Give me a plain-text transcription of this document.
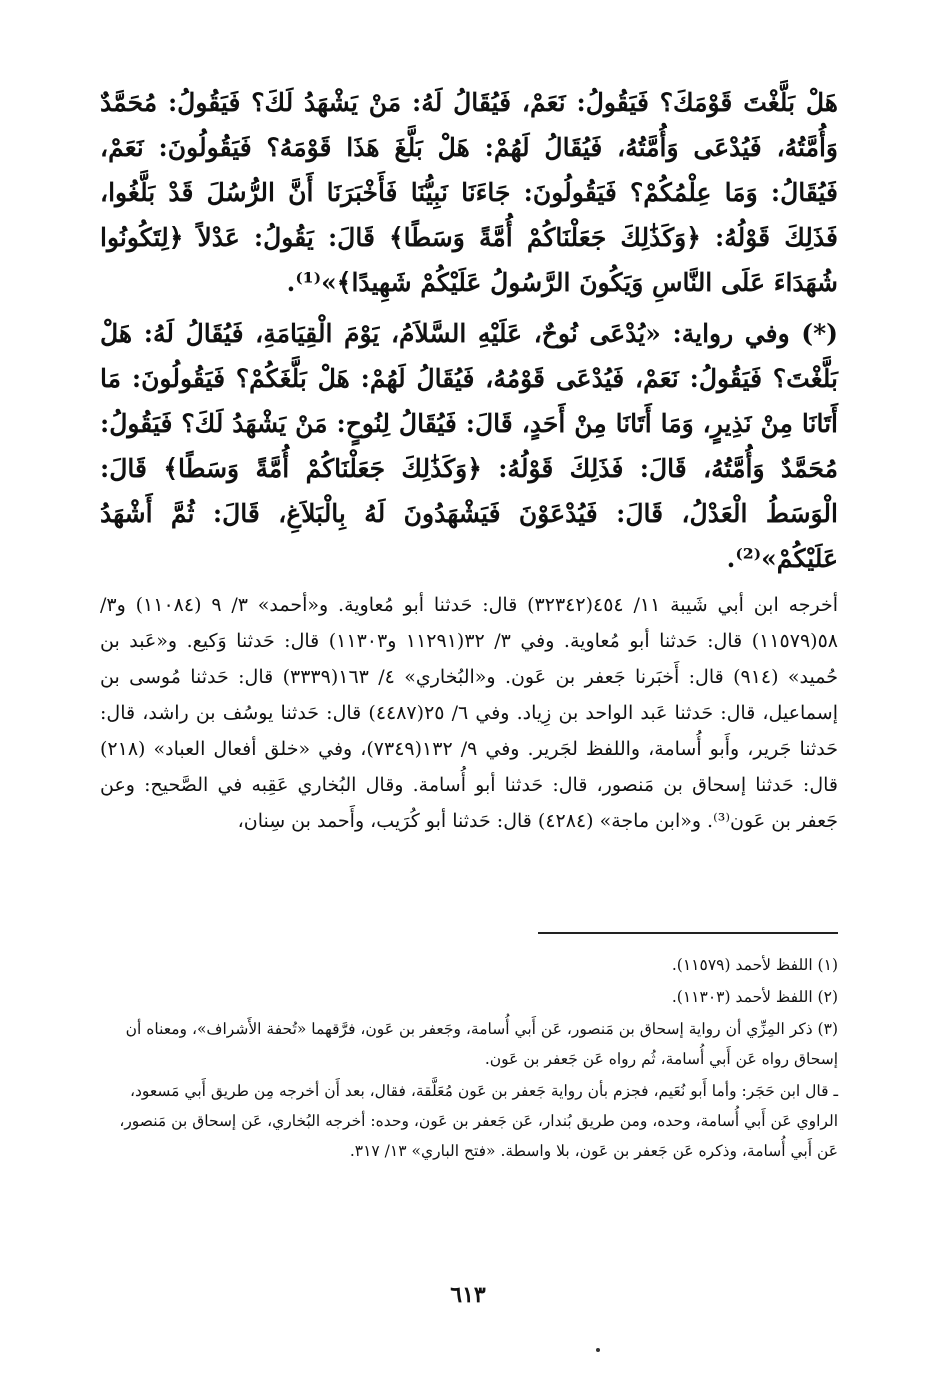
هَلْ بَلَّغْتَ قَوْمَكَ؟ فَيَقُولُ: نَعَمْ، فَيُقَالُ لَهُ: مَنْ يَشْهَدُ لَكَ؟ فَيَقُولُ: مُحَمَّدٌ وَأُمَّتُهُ، فَيُدْعَى وَأُمَّتُهُ، فَيُقَالُ لَهُمْ: هَلْ بَلَّغَ هَذَا قَوْمَهُ؟ فَيَقُولُونَ: نَعَمْ، فَيُقَالُ: وَمَا عِلْمُكُمْ؟ فَيَقُولُونَ: جَاءَنَا نَبِيُّنَا فَأَخْبَرَنَا أَنَّ الرُّسُلَ قَدْ بَلَّغُوا، فَذَلِكَ قَوْلُهُ: ﴿وَكَذَٰلِكَ جَعَلْنَاكُمْ أُمَّةً وَسَطًا﴾ قَالَ: يَقُولُ: عَدْلاً ﴿لِتَكُونُوا شُهَدَاءَ عَلَى النَّاسِ وَيَكُونَ الرَّسُولُ عَلَيْكُمْ شَهِيدًا﴾»⁽¹⁾.

(*) وفي رواية: «يُدْعَى نُوحٌ، عَلَيْهِ السَّلاَمُ، يَوْمَ الْقِيَامَةِ، فَيُقَالُ لَهُ: هَلْ بَلَّغْتَ؟ فَيَقُولُ: نَعَمْ، فَيُدْعَى قَوْمُهُ، فَيُقَالُ لَهُمْ: هَلْ بَلَّغَكُمْ؟ فَيَقُولُونَ: مَا أَتَانَا مِنْ نَذِيرٍ، وَمَا أَتَانَا مِنْ أَحَدٍ، قَالَ: فَيُقَالُ لِنُوحٍ: مَنْ يَشْهَدُ لَكَ؟ فَيَقُولُ: مُحَمَّدٌ وَأُمَّتُهُ، قَالَ: فَذَلِكَ قَوْلُهُ: ﴿وَكَذَٰلِكَ جَعَلْنَاكُمْ أُمَّةً وَسَطًا﴾ قَالَ: الْوَسَطُ الْعَدْلُ، قَالَ: فَيُدْعَوْنَ فَيَشْهَدُونَ لَهُ بِالْبَلاَغِ، قَالَ: ثُمَّ أَشْهَدُ عَلَيْكُمْ»⁽²⁾.

أخرجه ابن أبي شَيبة ١١/ ٤٥٤(٣٢٣٤٢) قال: حَدثنا أبو مُعاوية. و«أحمد» ٣/ ٩ (١١٠٨٤) و٣/ ٥٨(١١٥٧٩) قال: حَدثنا أبو مُعاوية. وفي ٣/ ٣٢(١١٢٩١ و١١٣٠٣) قال: حَدثنا وَكيع. و«عَبد بن حُميد» (٩١٤) قال: أَخبَرنا جَعفر بن عَون. و«البُخاري» ٤/ ١٦٣(٣٣٣٩) قال: حَدثنا مُوسى بن إسماعيل، قال: حَدثنا عَبد الواحد بن زِياد. وفي ٦/ ٢٥(٤٤٨٧) قال: حَدثنا يوسُف بن راشد، قال: حَدثنا جَرير، وأَبو أُسامة، واللفظ لجَرير. وفي ٩/ ١٣٢(٧٣٤٩)، وفي «خلق أفعال العباد» (٢١٨) قال: حَدثنا إسحاق بن مَنصور، قال: حَدثنا أبو أُسامة. وقال البُخاري عَقِبه في الصَّحيح: وعن جَعفر بن عَون⁽³⁾. و«ابن ماجة» (٤٢٨٤) قال: حَدثنا أبو كُرَيب، وأَحمد بن سِنان،

(١) اللفظ لأحمد (١١٥٧٩).

(٢) اللفظ لأحمد (١١٣٠٣).

(٣) ذكر المِزِّي أن رواية إسحاق بن مَنصور، عَن أَبي أُسامة، وجَعفر بن عَون، فرَّقهما «تُحفة الأَشراف»، ومعناه أن إسحاق رواه عَن أَبي أُسامة، ثُم رواه عَن جَعفر بن عَون.

ـ قال ابن حَجَر: وأما أَبو نُعَيم، فجزم بأن رواية جَعفر بن عَون مُعَلَّقة، فقال، بعد أَن أخرجه مِن طريق أَبي مَسعود، الراوي عَن أَبي أُسامة، وحده، ومن طريق بُندار، عَن جَعفر بن عَون، وحده: أخرجه البُخاري، عَن إسحاق بن مَنصور، عَن أَبي أُسامة، وذكره عَن جَعفر بن عَون، بلا واسطة. «فتح الباري» ١٣/ ٣١٧.

٦١٣
